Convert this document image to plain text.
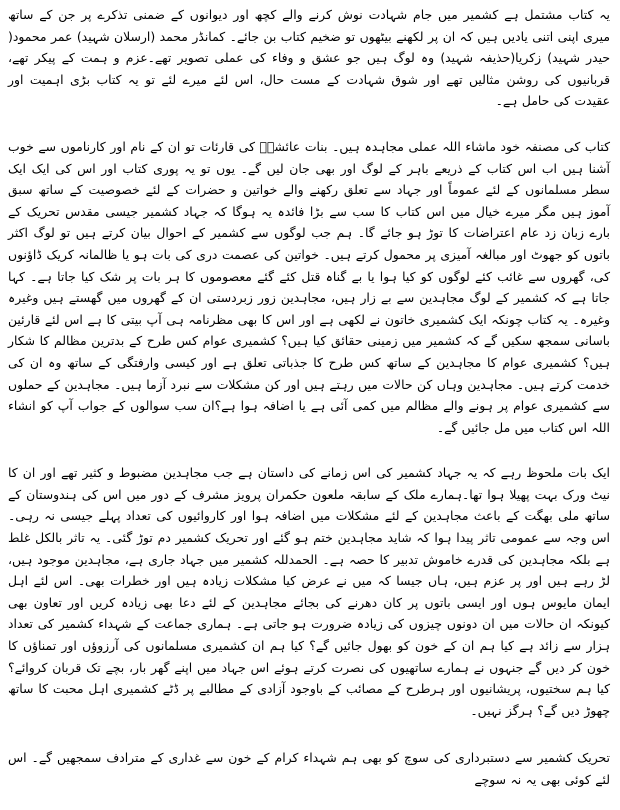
یہ کتاب مشتمل ہے کشمیر میں جام شہادت نوش کرنے والے کچھ اور دیوانوں کے ضمنی تذکرے پر جن کے ساتھ میری اپنی اتنی یادیں ہیں کہ ان پر لکھنے بیٹھوں تو ضخیم کتاب بن جائے۔ کمانڈر محمد (ارسلان شہید) عمر محمود( حیدر شہید) زکریا(حذیفہ شہید) وہ لوگ ہیں جو عشق و وفاء کی عملی تصویر تھے۔عزم و ہمت کے پیکر تھے، قربانیوں کی روشن مثالیں تھے اور شوق شہادت کے مست حال، اس لئے میرے لئے تو یہ کتاب بڑی اہمیت اور عقیدت کی حامل ہے۔

کتاب کی مصنفہ خود ماشاء اللہ عملی مجاہدہ ہیں۔ بنات عائشہؓ کی قارئات تو ان کے نام اور کارناموں سے خوب آشنا ہیں اب اس کتاب کے ذریعے باہر کے لوگ اور بھی جان لیں گے۔ یوں تو یہ پوری کتاب اور اس کی ایک ایک سطر مسلمانوں کے لئے عموماً اور جہاد سے تعلق رکھنے والے خواتین و حضرات کے لئے خصوصیت کے ساتھ سبق آموز ہیں مگر میرے خیال میں اس کتاب کا سب سے بڑا فائدہ یہ ہوگا کہ جہاد کشمیر جیسی مقدس تحریک کے بارے زبان زد عام اعتراضات کا توڑ ہو جائے گا۔ ہم جب لوگوں سے کشمیر کے احوال بیان کرتے ہیں تو لوگ اکثر باتوں کو جھوٹ اور مبالغہ آمیزی پر محمول کرتے ہیں۔ خواتین کی عصمت دری کی بات ہو یا ظالمانہ کریک ڈاؤنوں کی، گھروں سے غائب کئے لوگوں کو کیا ہوا یا بے گناہ قتل کئے گئے معصوموں کا ہر بات پر شک کیا جاتا ہے۔ کہا جاتا ہے کہ کشمیر کے لوگ مجاہدین سے بے زار ہیں، مجاہدین زور زبردستی ان کے گھروں میں گھستے ہیں وغیرہ وغیرہ۔ یہ کتاب چونکہ ایک کشمیری خاتون نے لکھی ہے اور اس کا بھی مظرنامہ ہی آپ بیتی کا ہے اس لئے قارئین باسانی سمجھ سکیں گے کہ کشمیر میں زمینی حقائق کیا ہیں؟ کشمیری عوام کس طرح کے بدترین مظالم کا شکار ہیں؟ کشمیری عوام کا مجاہدین کے ساتھ کس طرح کا جذباتی تعلق ہے اور کیسی وارفتگی کے ساتھ وہ ان کی خدمت کرتے ہیں۔ مجاہدین وہاں کن حالات میں رہتے ہیں اور کن مشکلات سے نبرد آزما ہیں۔ مجاہدین کے حملوں سے کشمیری عوام پر ہونے والے مظالم میں کمی آئی ہے یا اضافہ ہوا ہے؟ان سب سوالوں کے جواب آپ کو انشاء اللہ اس کتاب میں مل جائیں گے۔

ایک بات ملحوظ رہے کہ یہ جہاد کشمیر کی اس زمانے کی داستان ہے جب مجاہدین مضبوط و کثیر تھے اور ان کا نیٹ ورک بہت پھیلا ہوا تھا۔ہمارے ملک کے سابقہ ملعون حکمران پرویز مشرف کے دور میں اس کی ہندوستان کے ساتھ ملی بھگت کے باعث مجاہدین کے لئے مشکلات میں اضافہ ہوا اور کاروائیوں کی تعداد پہلے جیسی نہ رہی۔ اس وجہ سے عمومی تاثر پیدا ہوا کہ شاید مجاہدین ختم ہو گئے اور تحریک کشمیر دم توڑ گئی۔ یہ تاثر بالکل غلط ہے بلکہ مجاہدین کی قدرے خاموش تدبیر کا حصہ ہے۔ الحمدللہ کشمیر میں جہاد جاری ہے، مجاہدین موجود ہیں، لڑ رہے ہیں اور پر عزم ہیں، ہاں جیسا کہ میں نے عرض کیا مشکلات زیادہ ہیں اور خطرات بھی۔ اس لئے اہل ایمان مایوس ہوں اور ایسی باتوں پر کان دھرنے کی بجائے مجاہدین کے لئے دعا بھی زیادہ کریں اور تعاون بھی کیونکہ ان حالات میں ان دونوں چیزوں کی زیادہ ضرورت ہو جاتی ہے۔ ہماری جماعت کے شہداء کشمیر کی تعداد ہزار سے زائد ہے کیا ہم ان کے خون کو بھول جائیں گے؟ کیا ہم ان کشمیری مسلمانوں کی آرزوؤں اور تمناؤں کا خون کر دیں گے جنہوں نے ہمارے ساتھیوں کی نصرت کرتے ہوئے اس جہاد میں اپنے گھر بار، بچے تک قربان کروائے؟ کیا ہم سختیوں، پریشانیوں اور ہرطرح کے مصائب کے باوجود آزادی کے مطالبے پر ڈٹے کشمیری اہل محبت کا ساتھ چھوڑ دیں گے؟ ہرگز نہیں۔

تحریک کشمیر سے دستبرداری کی سوچ کو بھی ہم شہداء کرام کے خون سے غداری کے مترادف سمجھیں گے۔ اس لئے کوئی بھی یہ نہ سوچے
